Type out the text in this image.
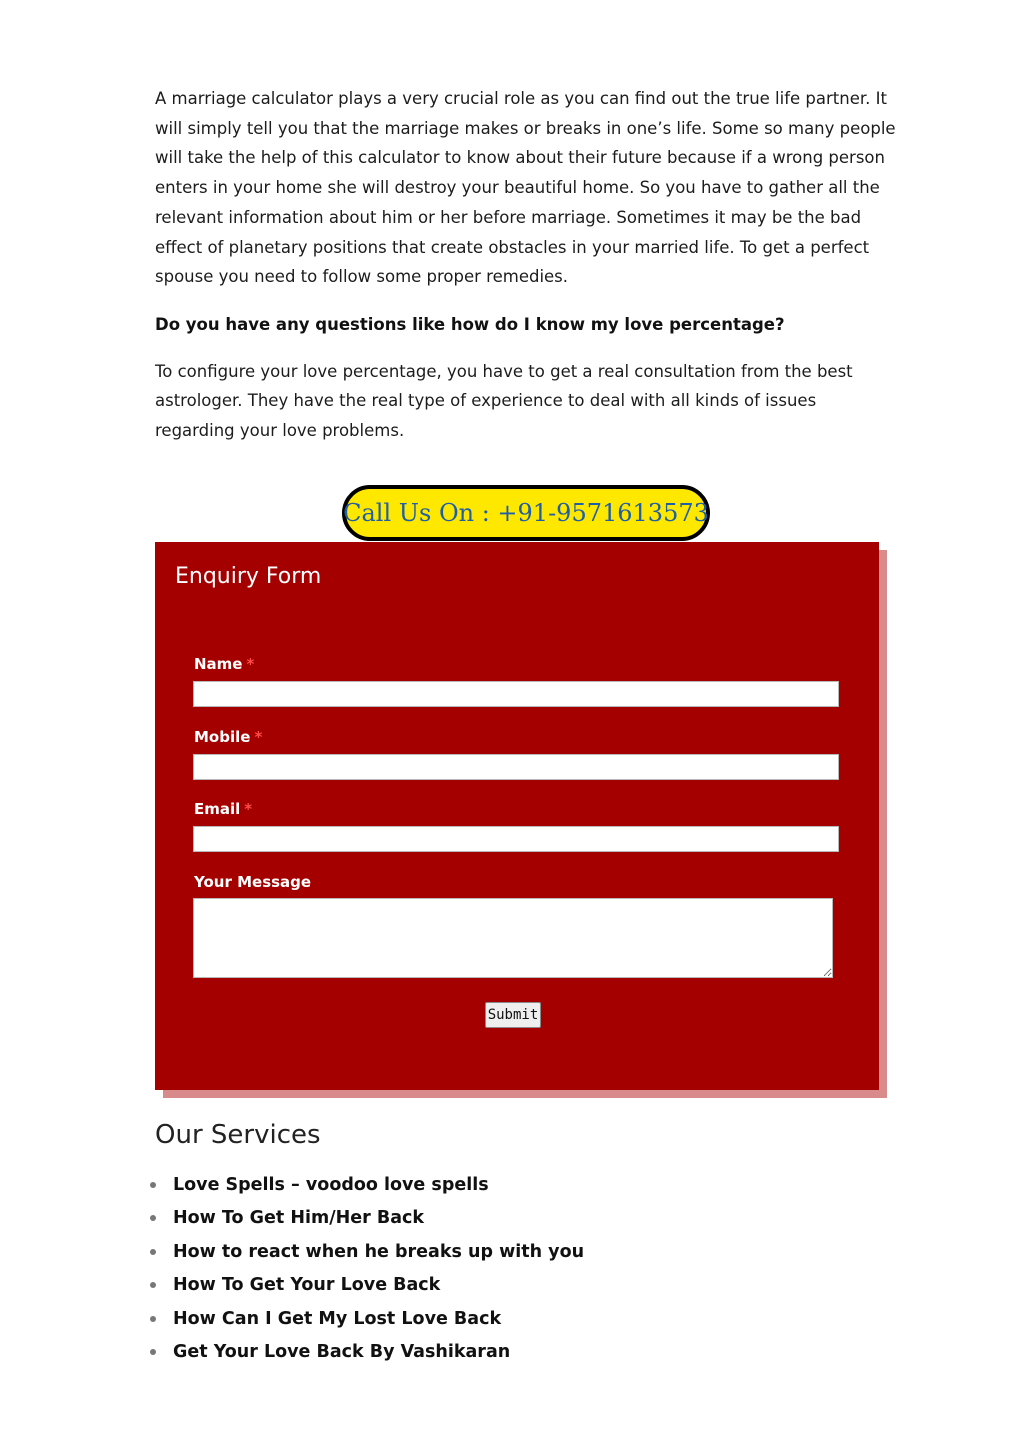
A marriage calculator plays a very crucial role as you can find out the true life partner. It
will simply tell you that the marriage makes or breaks in one’s life. Some so many people
will take the help of this calculator to know about their future because if a wrong person
enters in your home she will destroy your beautiful home. So you have to gather all the
relevant information about him or her before marriage. Sometimes it may be the bad
effect of planetary positions that create obstacles in your married life. To get a perfect
spouse you need to follow some proper remedies.

Do you have any questions like how do I know my love percentage?

To configure your love percentage, you have to get a real consultation from the best
astrologer. They have the real type of experience to deal with all kinds of issues
regarding your love problems.

Call Us On : +91-9571613573
Enquiry Form
Name *
Mobile *
Email *
Your Message
Submit
Our Services
Love Spells – voodoo love spells
How To Get Him/Her Back
How to react when he breaks up with you
How To Get Your Love Back
How Can I Get My Lost Love Back
Get Your Love Back By Vashikaran
